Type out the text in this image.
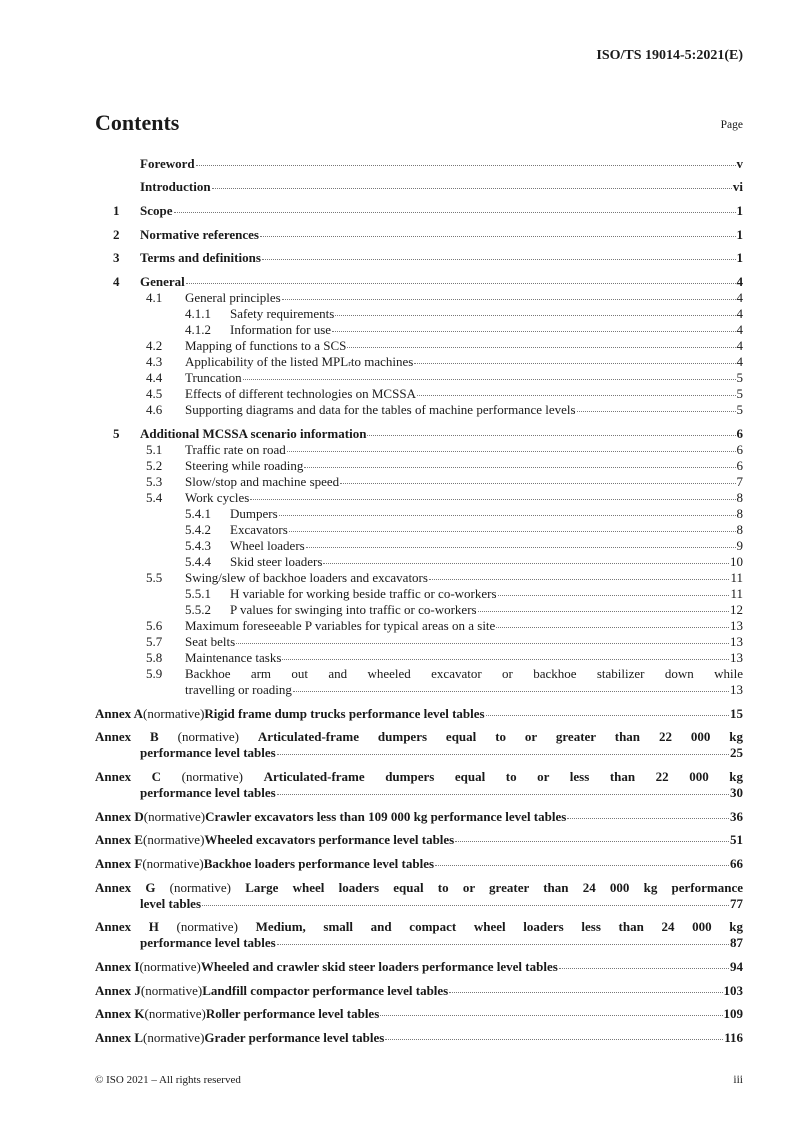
ISO/TS 19014-5:2021(E)
Contents	Page
Foreword	v
Introduction	vi
1	Scope	1
2	Normative references	1
3	Terms and definitions	1
4	General	4
4.1	General principles	4
4.1.1	Safety requirements	4
4.1.2	Information for use	4
4.2	Mapping of functions to a SCS	4
4.3	Applicability of the listed MPL r to machines	4
4.4	Truncation	5
4.5	Effects of different technologies on MCSSA	5
4.6	Supporting diagrams and data for the tables of machine performance levels	5
5	Additional MCSSA scenario information	6
5.1	Traffic rate on road	6
5.2	Steering while roading	6
5.3	Slow/stop and machine speed	7
5.4	Work cycles	8
5.4.1	Dumpers	8
5.4.2	Excavators	8
5.4.3	Wheel loaders	9
5.4.4	Skid steer loaders	10
5.5	Swing/slew of backhoe loaders and excavators	11
5.5.1	H variable for working beside traffic or co-workers	11
5.5.2	P values for swinging into traffic or co-workers	12
5.6	Maximum foreseeable P variables for typical areas on a site	13
5.7	Seat belts	13
5.8	Maintenance tasks	13
5.9	Backhoe arm out and wheeled excavator or backhoe stabilizer down while
travelling or roading	13
Annex A (normative) Rigid frame dump trucks performance level tables	15
Annex B (normative) Articulated-frame dumpers equal to or greater than 22 000 kg
performance level tables	25
Annex C (normative) Articulated-frame dumpers equal to or less than 22 000 kg
performance level tables	30
Annex D (normative) Crawler excavators less than 109 000 kg performance level tables	36
Annex E (normative) Wheeled excavators performance level tables	51
Annex F (normative) Backhoe loaders performance level tables	66
Annex G (normative) Large wheel loaders equal to or greater than 24 000 kg performance
level tables	77
Annex H (normative) Medium, small and compact wheel loaders less than 24 000 kg
performance level tables	87
Annex I (normative) Wheeled and crawler skid steer loaders performance level tables	94
Annex J (normative) Landfill compactor performance level tables	103
Annex K (normative) Roller performance level tables	109
Annex L (normative) Grader performance level tables	116
© ISO 2021 – All rights reserved	iii
